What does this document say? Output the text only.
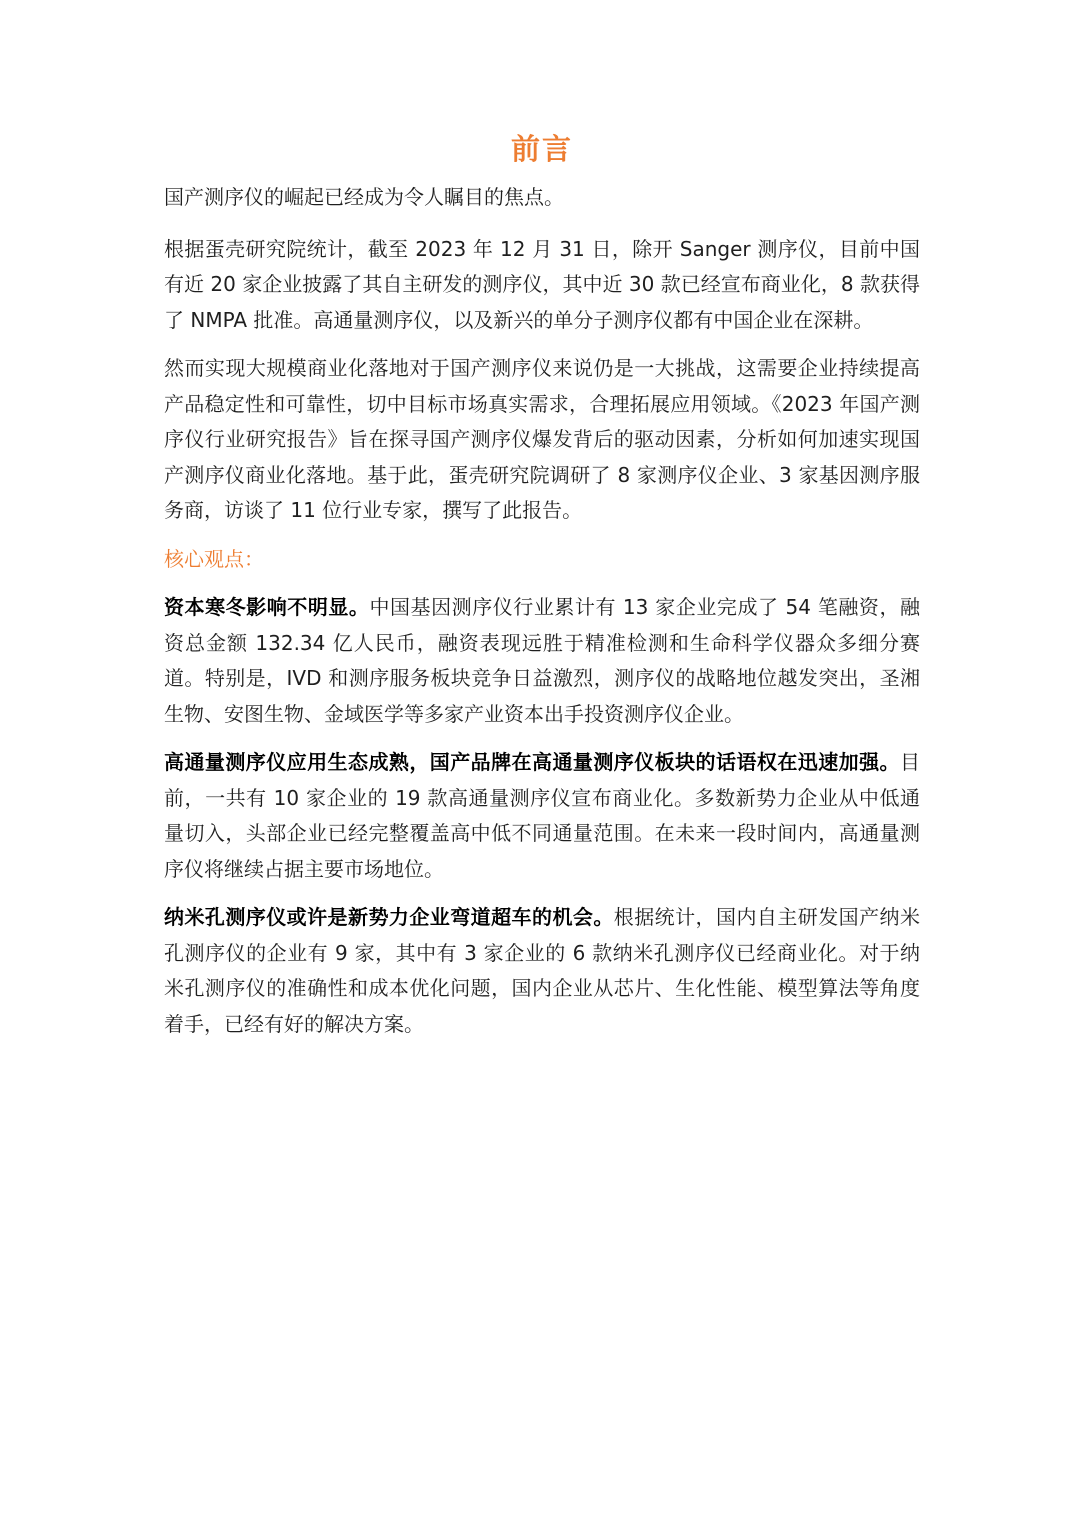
前言

国产测序仪的崛起已经成为令人瞩目的焦点。

根据蛋壳研究院统计，截至 2023 年 12 月 31 日，除开 Sanger 测序仪，目前中国有近 20 家企业披露了其自主研发的测序仪，其中近 30 款已经宣布商业化，8 款获得了 NMPA 批准。高通量测序仪，以及新兴的单分子测序仪都有中国企业在深耕。

然而实现大规模商业化落地对于国产测序仪来说仍是一大挑战，这需要企业持续提高产品稳定性和可靠性，切中目标市场真实需求，合理拓展应用领域。《2023 年国产测序仪行业研究报告》旨在探寻国产测序仪爆发背后的驱动因素，分析如何加速实现国产测序仪商业化落地。基于此，蛋壳研究院调研了 8 家测序仪企业、3 家基因测序服务商，访谈了 11 位行业专家，撰写了此报告。

核心观点：

资本寒冬影响不明显。中国基因测序仪行业累计有 13 家企业完成了 54 笔融资，融资总金额 132.34 亿人民币，融资表现远胜于精准检测和生命科学仪器众多细分赛道。特别是，IVD 和测序服务板块竞争日益激烈，测序仪的战略地位越发突出，圣湘生物、安图生物、金域医学等多家产业资本出手投资测序仪企业。

高通量测序仪应用生态成熟，国产品牌在高通量测序仪板块的话语权在迅速加强。目前，一共有 10 家企业的 19 款高通量测序仪宣布商业化。多数新势力企业从中低通量切入，头部企业已经完整覆盖高中低不同通量范围。在未来一段时间内，高通量测序仪将继续占据主要市场地位。

纳米孔测序仪或许是新势力企业弯道超车的机会。根据统计，国内自主研发国产纳米孔测序仪的企业有 9 家，其中有 3 家企业的 6 款纳米孔测序仪已经商业化。对于纳米孔测序仪的准确性和成本优化问题，国内企业从芯片、生化性能、模型算法等角度着手，已经有好的解决方案。
